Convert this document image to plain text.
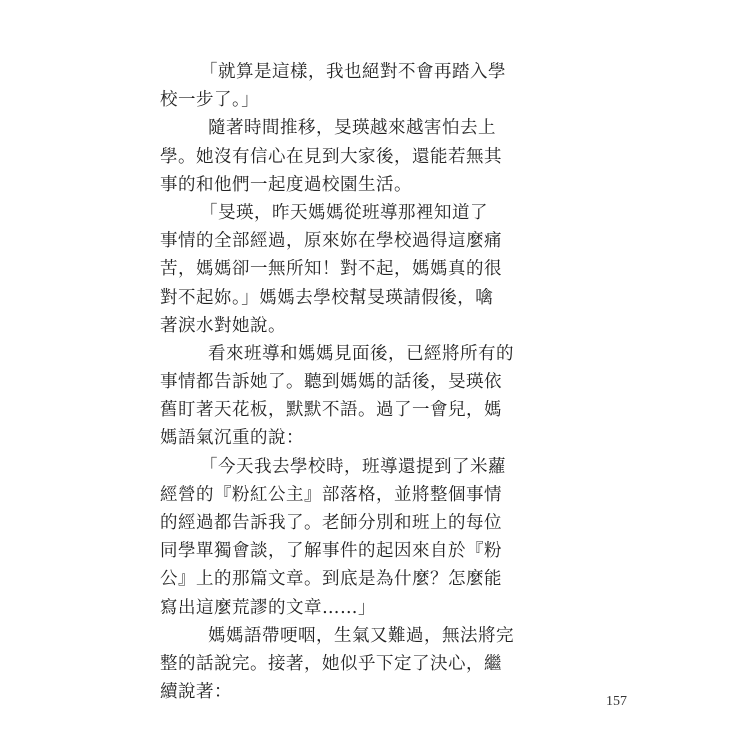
「就算是這樣，我也絕對不會再踏入學
校一步了。」
隨著時間推移，旻瑛越來越害怕去上
學。她沒有信心在見到大家後，還能若無其
事的和他們一起度過校園生活。
「旻瑛，昨天媽媽從班導那裡知道了
事情的全部經過，原來妳在學校過得這麼痛
苦，媽媽卻一無所知！對不起，媽媽真的很
對不起妳。」媽媽去學校幫旻瑛請假後，噙
著淚水對她說。
看來班導和媽媽見面後，已經將所有的
事情都告訴她了。聽到媽媽的話後，旻瑛依
舊盯著天花板，默默不語。過了一會兒，媽
媽語氣沉重的說：
「今天我去學校時，班導還提到了米蘿
經營的『粉紅公主』部落格，並將整個事情
的經過都告訴我了。老師分別和班上的每位
同學單獨會談，了解事件的起因來自於『粉
公』上的那篇文章。到底是為什麼？怎麼能
寫出這麼荒謬的文章……」
媽媽語帶哽咽，生氣又難過，無法將完
整的話說完。接著，她似乎下定了決心，繼
續說著：	157
